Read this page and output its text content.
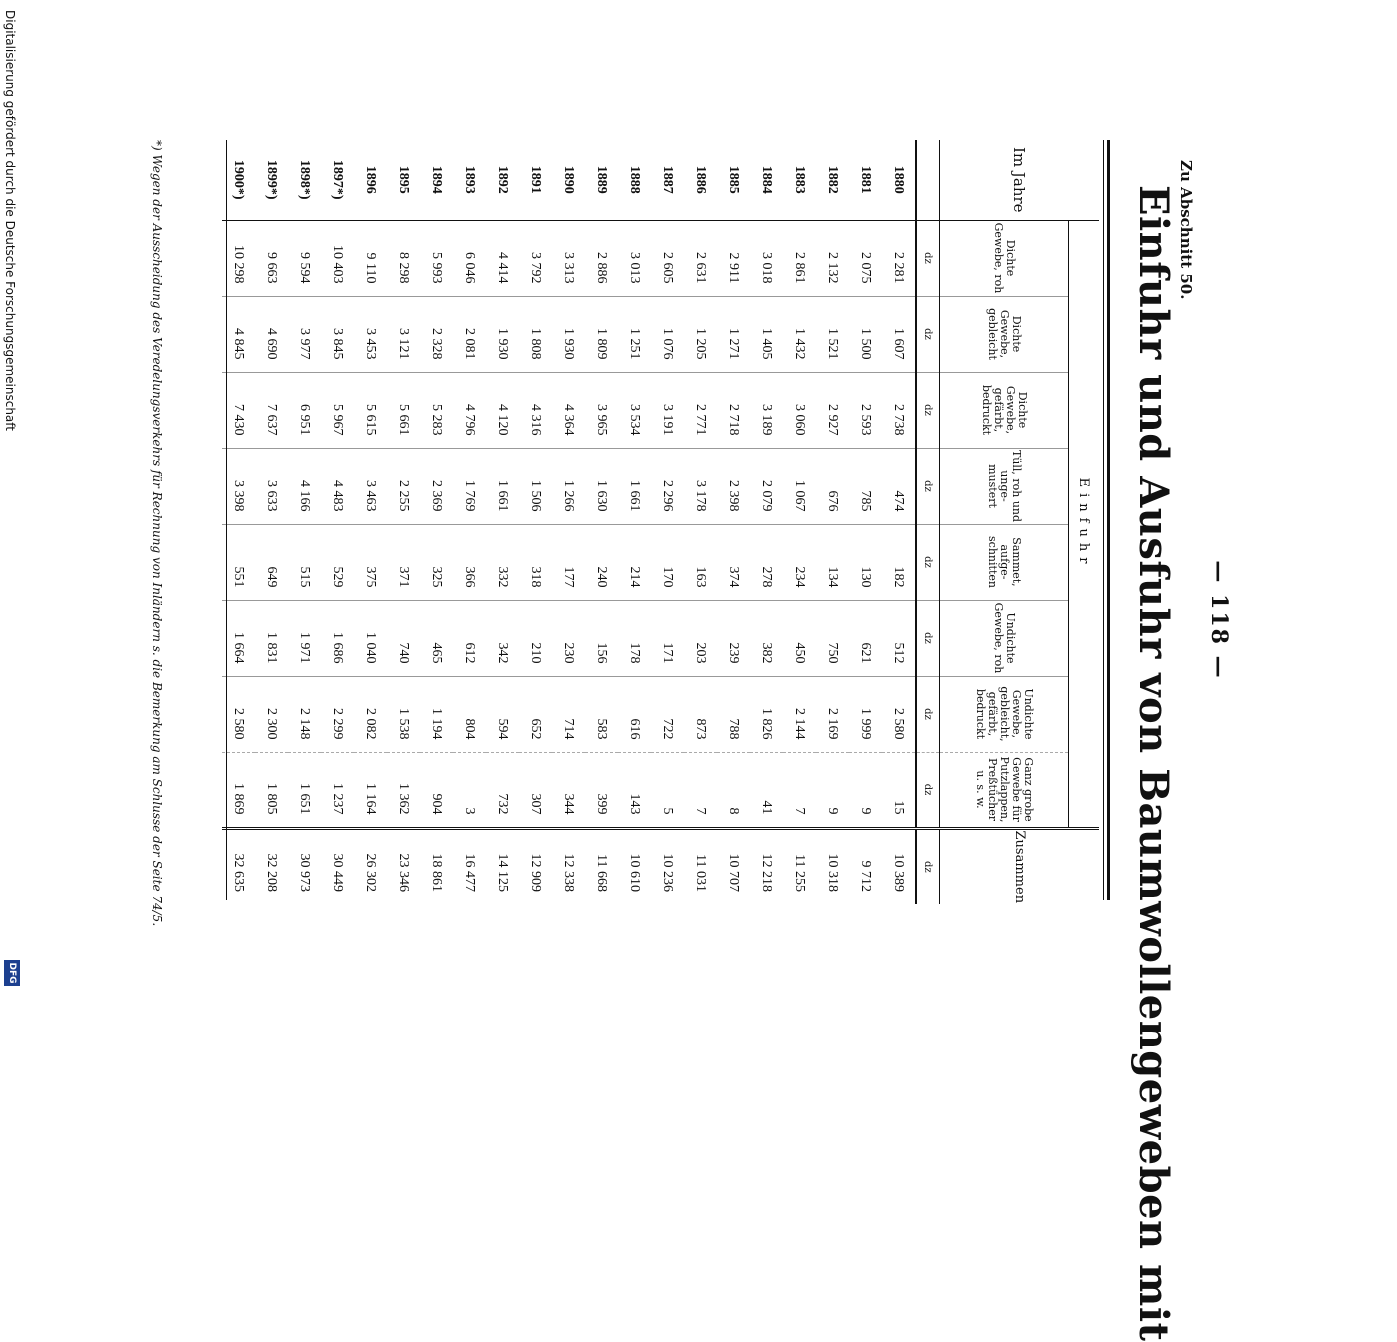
Zu Abschnitt 50.
— 118 —
Einfuhr und Ausfuhr von Baumwollengeweben mit
Im Jahre	Einfuhr								Zusammen
	Dichte Gewebe, roh	Dichte Gewebe, gebleicht	Dichte Gewebe, gefärbt, bedruckt	Tüll, roh und unge-mustert	Sammet, aufge-schnitten	Undichte Gewebe, roh	Undichte Gewebe, gebleicht, gefärbt, bedruckt	Ganz grobe Gewebe für Putzlappen, Preßtücher u. s. w.	
	dz	dz	dz	dz	dz	dz	dz	dz	dz
1880	2 281	1 607	2 738	474	182	512	2 580	15	10 389
1881	2 075	1 500	2 593	785	130	621	1 999	9	9 712
1882	2 132	1 521	2 927	676	134	750	2 169	9	10 318
1883	2 861	1 432	3 060	1 067	234	450	2 144	7	11 255
1884	3 018	1 405	3 189	2 079	278	382	1 826	41	12 218
1885	2 911	1 271	2 718	2 398	374	239	788	8	10 707
1886	2 631	1 205	2 771	3 178	163	203	873	7	11 031
1887	2 605	1 076	3 191	2 296	170	171	722	5	10 236
1888	3 013	1 251	3 534	1 661	214	178	616	143	10 610
1889	2 886	1 809	3 965	1 630	240	156	583	399	11 668
1890	3 313	1 930	4 364	1 266	177	230	714	344	12 338
1891	3 792	1 808	4 316	1 506	318	210	652	307	12 909
1892	4 414	1 930	4 120	1 661	332	342	594	732	14 125
1893	6 046	2 081	4 796	1 769	366	612	804	3	16 477
1894	5 993	2 328	5 283	2 369	325	465	1 194	904	18 861
1895	8 298	3 121	5 661	2 255	371	740	1 538	1 362	23 346
1896	9 110	3 453	5 615	3 463	375	1 040	2 082	1 164	26 302
1897*)	10 403	3 845	5 967	4 483	529	1 686	2 299	1 237	30 449
1898*)	9 594	3 977	6 951	4 166	515	1 971	2 148	1 651	30 973
1899*)	9 663	4 690	7 637	3 633	649	1 831	2 300	1 805	32 208
1900*)	10 298	4 845	7 430	3 398	551	1 664	2 580	1 869	32 635
*) Wegen der Ausscheidung des Veredelungsverkehrs für Rechnung von Inländern s. die Bemerkung am Schlusse der Seite 74/5.
Digitalisierung gefördert durch die Deutsche Forschungsgemeinschaft
DFG
